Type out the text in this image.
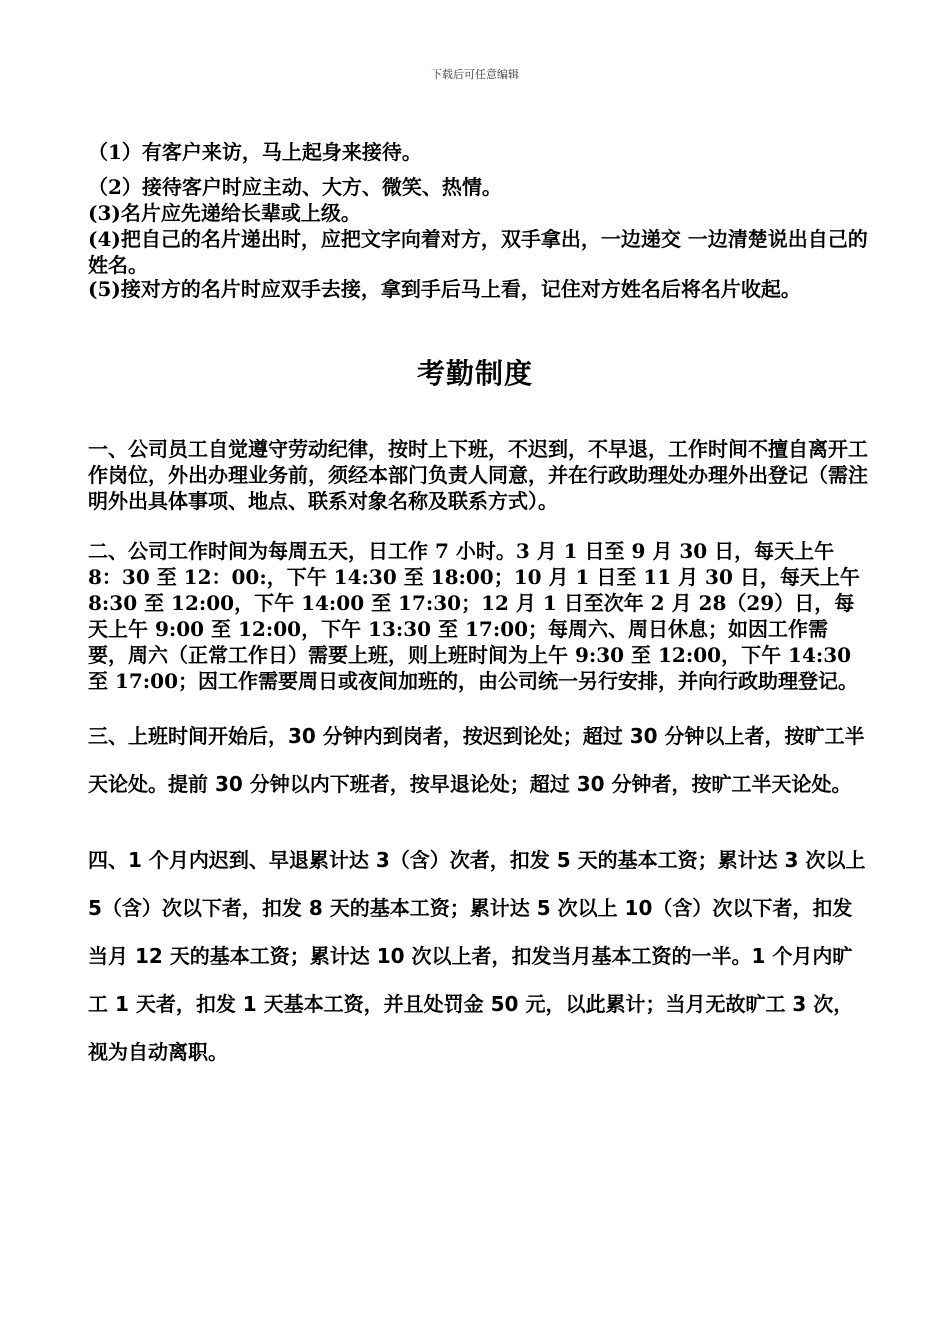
下载后可任意编辑
（1）有客户来访，马上起身来接待。
（2）接待客户时应主动、大方、微笑、热情。
(3)名片应先递给长辈或上级。
(4)把自己的名片递出时，应把文字向着对方，双手拿出，一边递交 一边清楚说出自己的姓名。
(5)接对方的名片时应双手去接，拿到手后马上看，记住对方姓名后将名片收起。
考勤制度
一、公司员工自觉遵守劳动纪律，按时上下班，不迟到，不早退，工作时间不擅自离开工作岗位，外出办理业务前，须经本部门负责人同意，并在行政助理处办理外出登记（需注明外出具体事项、地点、联系对象名称及联系方式）。
二、公司工作时间为每周五天，日工作 7 小时。3 月 1 日至 9 月 30 日，每天上午 8：30 至 12：00:，下午 14:30 至 18:00；10 月 1 日至 11 月 30 日，每天上午 8:30 至 12:00，下午 14:00 至 17:30；12 月 1 日至次年 2 月 28（29）日，每天上午 9:00 至 12:00，下午 13:30 至 17:00；每周六、周日休息；如因工作需要，周六（正常工作日）需要上班，则上班时间为上午 9:30 至 12:00，下午 14:30 至 17:00；因工作需要周日或夜间加班的，由公司统一另行安排，并向行政助理登记。
三、上班时间开始后，30 分钟内到岗者，按迟到论处；超过 30 分钟以上者，按旷工半天论处。提前 30 分钟以内下班者，按早退论处；超过 30 分钟者，按旷工半天论处。
四、1 个月内迟到、早退累计达 3（含）次者，扣发 5 天的基本工资；累计达 3 次以上 5（含）次以下者，扣发 8 天的基本工资；累计达 5 次以上 10（含）次以下者，扣发当月 12 天的基本工资；累计达 10 次以上者，扣发当月基本工资的一半。1 个月内旷工 1 天者，扣发 1 天基本工资，并且处罚金 50 元，以此累计；当月无故旷工 3 次，视为自动离职。
